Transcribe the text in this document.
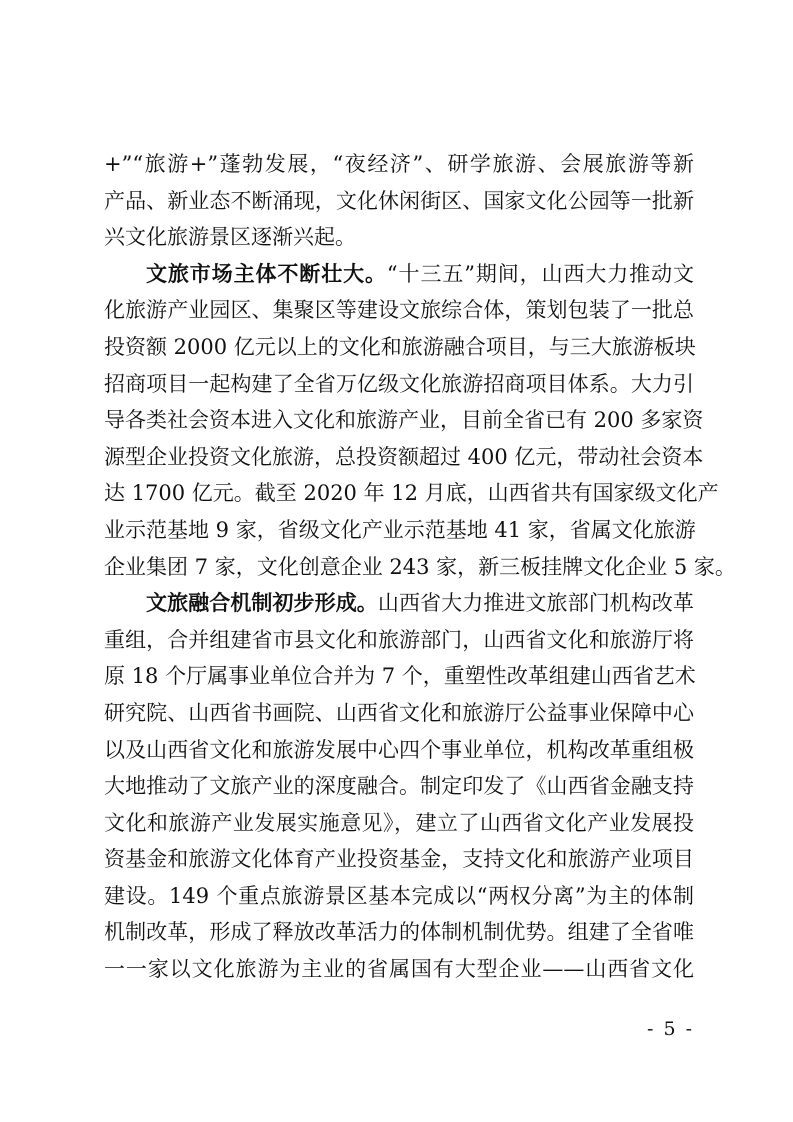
+”“旅游+”蓬勃发展，“夜经济”、研学旅游、会展旅游等新
产品、新业态不断涌现，文化休闲街区、国家文化公园等一批新
兴文化旅游景区逐渐兴起。
文旅市场主体不断壮大。“十三五”期间，山西大力推动文
化旅游产业园区、集聚区等建设文旅综合体，策划包装了一批总
投资额 2000 亿元以上的文化和旅游融合项目，与三大旅游板块
招商项目一起构建了全省万亿级文化旅游招商项目体系。大力引
导各类社会资本进入文化和旅游产业，目前全省已有 200 多家资
源型企业投资文化旅游，总投资额超过 400 亿元，带动社会资本
达 1700 亿元。截至 2020 年 12 月底，山西省共有国家级文化产
业示范基地 9 家，省级文化产业示范基地 41 家，省属文化旅游
企业集团 7 家，文化创意企业 243 家，新三板挂牌文化企业 5 家。
文旅融合机制初步形成。山西省大力推进文旅部门机构改革
重组，合并组建省市县文化和旅游部门，山西省文化和旅游厅将
原 18 个厅属事业单位合并为 7 个，重塑性改革组建山西省艺术
研究院、山西省书画院、山西省文化和旅游厅公益事业保障中心
以及山西省文化和旅游发展中心四个事业单位，机构改革重组极
大地推动了文旅产业的深度融合。制定印发了《山西省金融支持
文化和旅游产业发展实施意见》，建立了山西省文化产业发展投
资基金和旅游文化体育产业投资基金，支持文化和旅游产业项目
建设。149 个重点旅游景区基本完成以“两权分离”为主的体制
机制改革，形成了释放改革活力的体制机制优势。组建了全省唯
一一家以文化旅游为主业的省属国有大型企业——山西省文化
- 5 -
